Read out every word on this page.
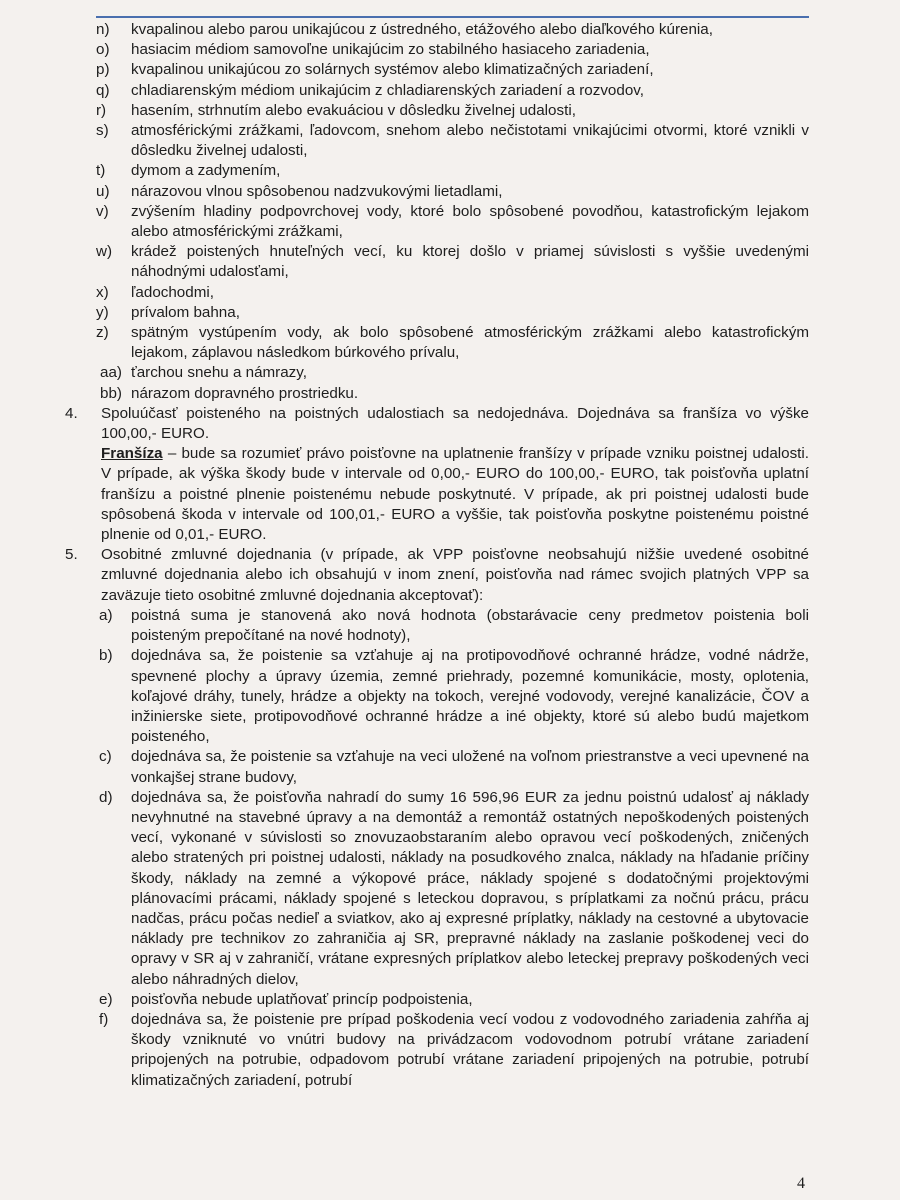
n) kvapalinou alebo parou unikajúcou z ústredného, etážového alebo diaľkového kúrenia,
o) hasiacim médiom samovoľne unikajúcim zo stabilného hasiaceho zariadenia,
p) kvapalinou unikajúcou zo solárnych systémov alebo klimatizačných zariadení,
q) chladiarenským médiom unikajúcim z chladiarenských zariadení a rozvodov,
r) hasením, strhnutím alebo evakuáciou v dôsledku živelnej udalosti,
s) atmosférickými zrážkami, ľadovcom, snehom alebo nečistotami vnikajúcimi otvormi, ktoré vznikli v dôsledku živelnej udalosti,
t) dymom a zadymením,
u) nárazovou vlnou spôsobenou nadzvukovými lietadlami,
v) zvýšením hladiny podpovrchovej vody, ktoré bolo spôsobené povodňou, katastrofickým lejakom alebo atmosférickými zrážkami,
w) krádež poistených hnuteľných vecí, ku ktorej došlo v priamej súvislosti s vyššie uvedenými náhodnými udalosťami,
x) ľadochodmi,
y) prívalom bahna,
z) spätným vystúpením vody, ak bolo spôsobené atmosférickým zrážkami alebo katastrofickým lejakom, záplavou následkom búrkového prívalu,
aa) ťarchou snehu a námrazy,
bb) nárazom dopravného prostriedku.
4. Spoluúčasť poisteného na poistných udalostiach sa nedojednáva. Dojednáva sa franšíza vo výške 100,00,- EURO.
Franšíza – bude sa rozumieť právo poisťovne na uplatnenie franšízy v prípade vzniku poistnej udalosti. V prípade, ak výška škody bude v intervale od 0,00,- EURO do 100,00,- EURO, tak poisťovňa uplatní franšízu a poistné plnenie poistenému nebude poskytnuté. V prípade, ak pri poistnej udalosti bude spôsobená škoda v intervale od 100,01,- EURO a vyššie, tak poisťovňa poskytne poistenému poistné plnenie od 0,01,- EURO.
5. Osobitné zmluvné dojednania (v prípade, ak VPP poisťovne neobsahujú nižšie uvedené osobitné zmluvné dojednania alebo ich obsahujú v inom znení, poisťovňa nad rámec svojich platných VPP sa zaväzuje tieto osobitné zmluvné dojednania akceptovať):
a) poistná suma je stanovená ako nová hodnota (obstarávacie ceny predmetov poistenia boli poisteným prepočítané na nové hodnoty),
b) dojednáva sa, že poistenie sa vzťahuje aj na protipovodňové ochranné hrádze, vodné nádrže, spevnené plochy a úpravy územia, zemné priehrady, pozemné komunikácie, mosty, oplotenia, koľajové dráhy, tunely, hrádze a objekty na tokoch, verejné vodovody, verejné kanalizácie, ČOV a inžinierske siete, protipovodňové ochranné hrádze a iné objekty, ktoré sú alebo budú majetkom poisteného,
c) dojednáva sa, že poistenie sa vzťahuje na veci uložené na voľnom priestranstve a veci upevnené na vonkajšej strane budovy,
d) dojednáva sa, že poisťovňa nahradí do sumy 16 596,96 EUR za jednu poistnú udalosť aj náklady nevyhnutné na stavebné úpravy a na demontáž a remontáž ostatných nepoškodených poistených vecí, vykonané v súvislosti so znovuzaobstaraním alebo opravou vecí poškodených, zničených alebo stratených pri poistnej udalosti, náklady na posudkového znalca, náklady na hľadanie príčiny škody, náklady na zemné a výkopové práce, náklady spojené s dodatočnými projektovými plánovacími prácami, náklady spojené s leteckou dopravou, s príplatkami za nočnú prácu, prácu nadčas, prácu počas nedieľ a sviatkov, ako aj expresné príplatky, náklady na cestovné a ubytovacie náklady pre technikov zo zahraničia aj SR, prepravné náklady na zaslanie poškodenej veci do opravy v SR aj v zahraničí, vrátane expresných príplatkov alebo leteckej prepravy poškodených veci alebo náhradných dielov,
e) poisťovňa nebude uplatňovať princíp podpoistenia,
f) dojednáva sa, že poistenie pre prípad poškodenia vecí vodou z vodovodného zariadenia zahŕňa aj škody vzniknuté vo vnútri budovy na privádzacom vodovodnom potrubí vrátane zariadení pripojených na potrubie, odpadovom potrubí vrátane zariadení pripojených na potrubie, potrubí klimatizačných zariadení, potrubí
4
